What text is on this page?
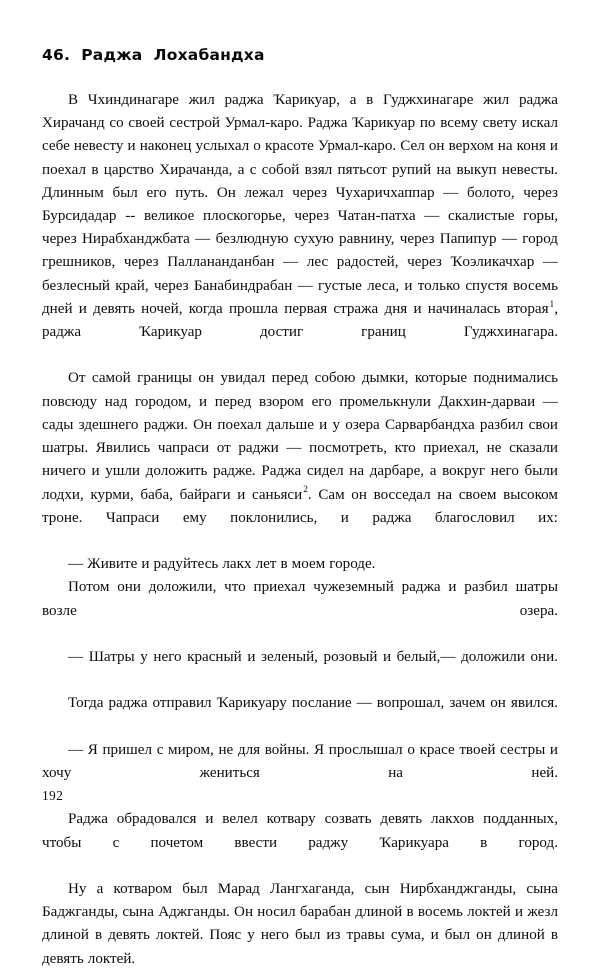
46.  Раджа  Лохабандха

В Чхиндинагаре жил раджа Ҡарикуар, а в Гуджхинагаре жил раджа Хирачанд со своей сестрой Урмал-каро. Раджа Ҡарикуар по всему свету искал себе невесту и наконец услыхал о красоте Урмал-каро. Сел он верхом на коня и поехал в царство Хирачанда, а с собой взял пятьсот рупий на выкуп невесты. Длинным был его путь. Он лежал через Чухаричхаппар — болото, через Бурсидадар -- великое плоскогорье, через Чатан-патха — скалистые горы, через Нирабханджбата — безлюдную сухую равнину, через Папипур — город грешников, через Паллананданбан — лес радостей, через Ҡоэликачхар — безлесный край, через Банабиндрабан — густые леса, и только спустя восемь дней и девять ночей, когда прошла первая стража дня и начиналась вторая$^1$, раджа Ҡарикуар достиг границ Гуджхинагара.

От самой границы он увидал перед собою дымки, которые поднимались повсюду над городом, и перед взором его промелькнули Дакхин-дарваи — сады здешнего раджи. Он поехал дальше и у озера Сарварбандха разбил свои шатры. Явились чапраси от раджи — посмотреть, кто приехал, не сказали ничего и ушли доложить радже. Раджа сидел на дарбаре, а вокруг него были лодхи, курми, баба, байраги и саньяси$^2$. Сам он восседал на своем высоком троне. Чапраси ему поклонились, и раджа благословил их:

— Живите и радуйтесь лакх лет в моем городе.

Потом они доложили, что приехал чужеземный раджа и разбил шатры возле озера.

— Шатры у него красный и зеленый, розовый и белый,— доложили они.

Тогда раджа отправил Ҡарикуару послание — вопрошал, зачем он явился.

— Я пришел с миром, не для войны. Я прослышал о красе твоей сестры и хочу жениться на ней.

Раджа обрадовался и велел котвару созвать девять лакхов подданных, чтобы с почетом ввести раджу Ҡарикуара в город.

Ну а котваром был Марад Лангхаганда, сын Нирбханджганды, сына Баджганды, сына Аджганды. Он носил барабан длиной в восемь локтей и жезл длиной в девять локтей. Пояс у него был из травы сума, и был он длиной в девять локтей.

192
